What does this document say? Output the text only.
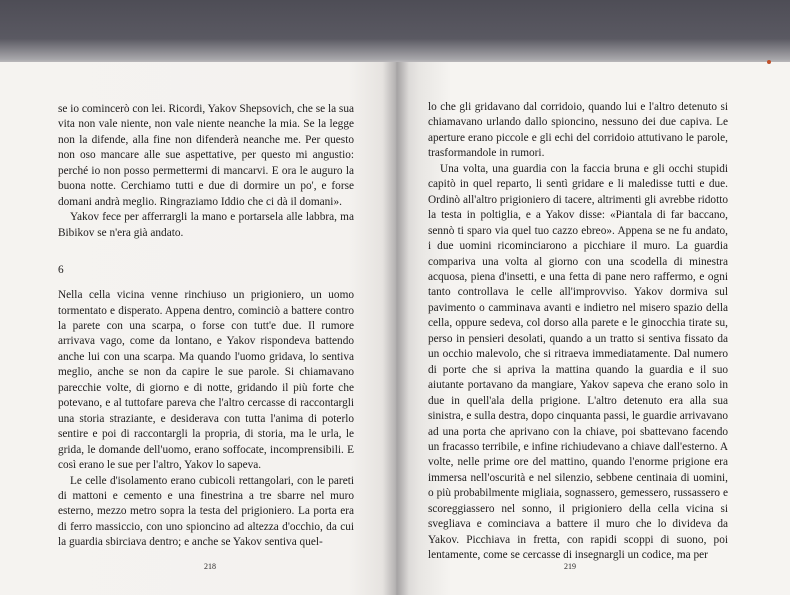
se io comincerò con lei. Ricordi, Yakov Shepsovich, che se la sua vita non vale niente, non vale niente neanche la mia. Se la legge non la difende, alla fine non difenderà neanche me. Per questo non oso mancare alle sue aspettative, per questo mi angustio: perché io non posso permettermi di mancarvi. E ora le auguro la buona notte. Cerchiamo tutti e due di dormire un po', e forse domani andrà meglio. Ringraziamo Iddio che ci dà il domani».

Yakov fece per afferrargli la mano e portarsela alle labbra, ma Bibikov se n'era già andato.

6

Nella cella vicina venne rinchiuso un prigioniero, un uomo tormentato e disperato. Appena dentro, cominciò a battere contro la parete con una scarpa, o forse con tutt'e due. Il rumore arrivava vago, come da lontano, e Yakov rispondeva battendo anche lui con una scarpa. Ma quando l'uomo gridava, lo sentiva meglio, anche se non da capire le sue parole. Si chiamavano parecchie volte, di giorno e di notte, gridando il più forte che potevano, e al tuttofare pareva che l'altro cercasse di raccontargli una storia straziante, e desiderava con tutta l'anima di poterlo sentire e poi di raccontargli la propria, di storia, ma le urla, le grida, le domande dell'uomo, erano soffocate, incomprensibili. E così erano le sue per l'altro, Yakov lo sapeva.

Le celle d'isolamento erano cubicoli rettangolari, con le pareti di mattoni e cemento e una finestrina a tre sbarre nel muro esterno, mezzo metro sopra la testa del prigioniero. La porta era di ferro massiccio, con uno spioncino ad altezza d'occhio, da cui la guardia sbirciava dentro; e anche se Yakov sentiva quel-

218

lo che gli gridavano dal corridoio, quando lui e l'altro detenuto si chiamavano urlando dallo spioncino, nessuno dei due capiva. Le aperture erano piccole e gli echi del corridoio attutivano le parole, trasformandole in rumori.

Una volta, una guardia con la faccia bruna e gli occhi stupidi capitò in quel reparto, li sentì gridare e li maledisse tutti e due. Ordinò all'altro prigioniero di tacere, altrimenti gli avrebbe ridotto la testa in poltiglia, e a Yakov disse: «Piantala di far baccano, sennò ti sparo via quel tuo cazzo ebreo». Appena se ne fu andato, i due uomini ricominciarono a picchiare il muro. La guardia compariva una volta al giorno con una scodella di minestra acquosa, piena d'insetti, e una fetta di pane nero raffermo, e ogni tanto controllava le celle all'improvviso. Yakov dormiva sul pavimento o camminava avanti e indietro nel misero spazio della cella, oppure sedeva, col dorso alla parete e le ginocchia tirate su, perso in pensieri desolati, quando a un tratto si sentiva fissato da un occhio malevolo, che si ritraeva immediatamente. Dal numero di porte che si apriva la mattina quando la guardia e il suo aiutante portavano da mangiare, Yakov sapeva che erano solo in due in quell'ala della prigione. L'altro detenuto era alla sua sinistra, e sulla destra, dopo cinquanta passi, le guardie arrivavano ad una porta che aprivano con la chiave, poi sbattevano facendo un fracasso terribile, e infine richiudevano a chiave dall'esterno. A volte, nelle prime ore del mattino, quando l'enorme prigione era immersa nell'oscurità e nel silenzio, sebbene centinaia di uomini, o più probabilmente migliaia, sognassero, gemessero, russassero e scoreggiassero nel sonno, il prigioniero della cella vicina si svegliava e cominciava a battere il muro che lo divideva da Yakov. Picchiava in fretta, con rapidi scoppi di suono, poi lentamente, come se cercasse di insegnargli un codice, ma per

219
